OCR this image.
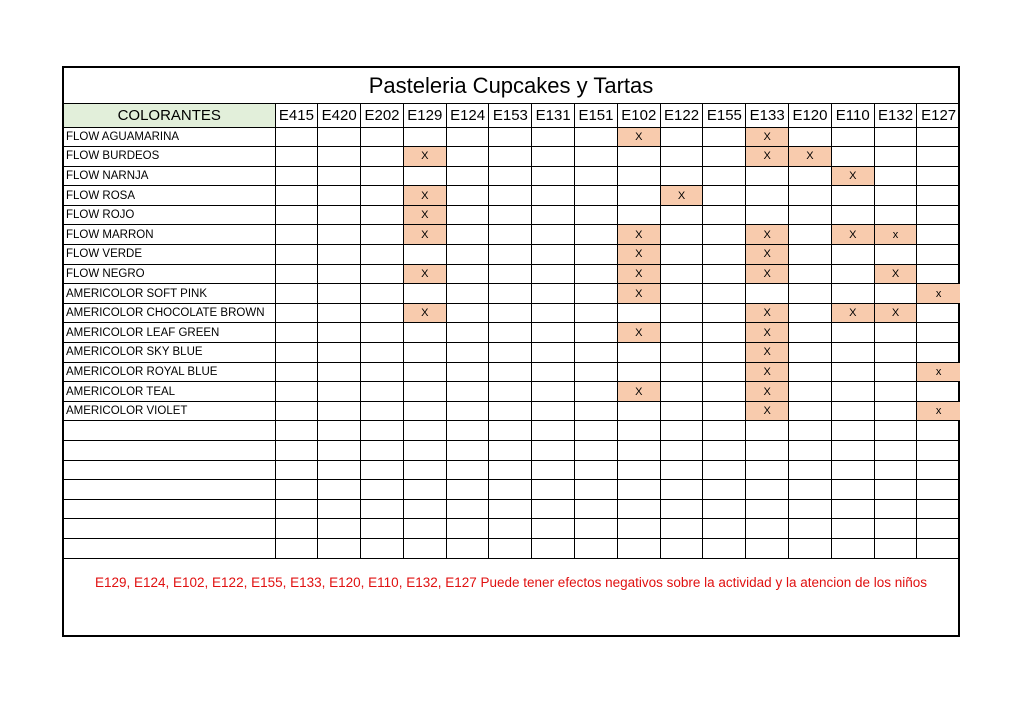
Pasteleria Cupcakes y Tartas
COLORANTES	E415	E420	E202	E129	E124	E153	E131	E151	E102	E122	E155	E133	E120	E110	E132	E127
FLOW AGUAMARINA									X			X				
FLOW BURDEOS				X								X	X			
FLOW NARNJA														X		
FLOW ROSA				X						X						
FLOW ROJO				X												
FLOW MARRON				X					X			X		X	x	
FLOW VERDE									X			X				
FLOW NEGRO				X					X			X			X	
AMERICOLOR SOFT PINK									X							x
AMERICOLOR CHOCOLATE BROWN				X								X		X	X	
AMERICOLOR LEAF GREEN									X			X				
AMERICOLOR SKY BLUE												X				
AMERICOLOR ROYAL BLUE												X				x
AMERICOLOR TEAL									X			X				
AMERICOLOR VIOLET												X				x

E129, E124, E102, E122, E155, E133, E120, E110, E132, E127 Puede tener efectos negativos sobre la actividad y la atencion de los niños
